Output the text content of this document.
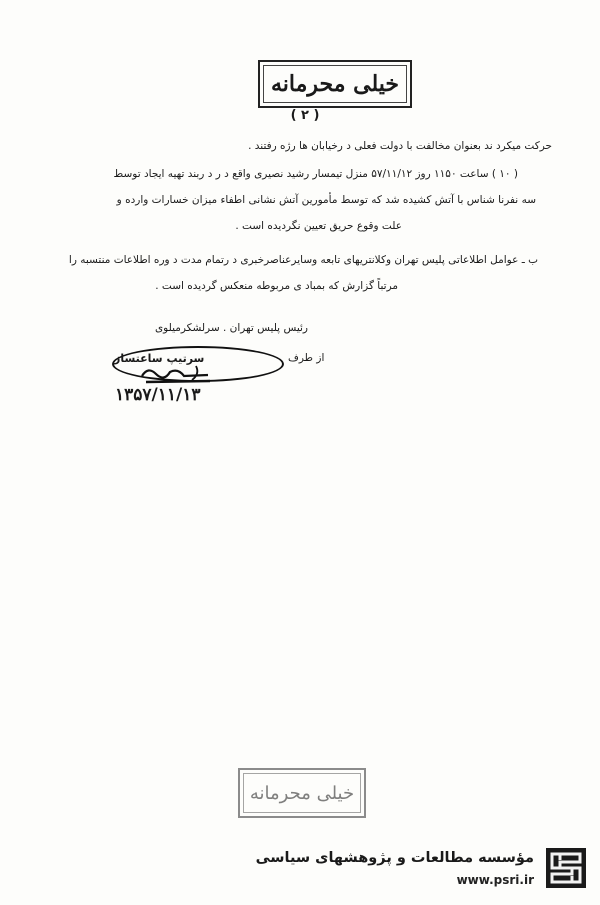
خیلی محرمانه
( ۲ )
حرکت میکرد ند بعنوان مخالفت با دولت فعلی د رخیابان ها رژه رفتند .
( ۱۰ ) ساعت ۱۱۵۰ روز ۵۷/۱۱/۱۲ منزل تیمسار رشید نصیری واقع د ر د ربند تهیه ایجاد توسط
سه نفرنا شناس با آتش کشیده شد که توسط مأمورین آتش نشانی اطفاء میزان خسارات وارده و
علت وقوع حریق تعیین نگردیده است .
ب ـ عوامل اطلاعاتی پلیس تهران وکلانتریهای تابعه وسایرعناصرخبری د رتمام مدت د وره اطلاعات منتسبه را
مرتباً گزارش که بمباد ی مربوطه منعکس گردیده است .
رئیس پلیس تهران . سرلشکرمیلوی
از طرف
سرتیپ ساعتساز
۱۳۵۷/۱۱/۱۳
خیلی محرمانه
مؤسسه مطالعات و پژوهشهای سیاسی
www.psri.ir
